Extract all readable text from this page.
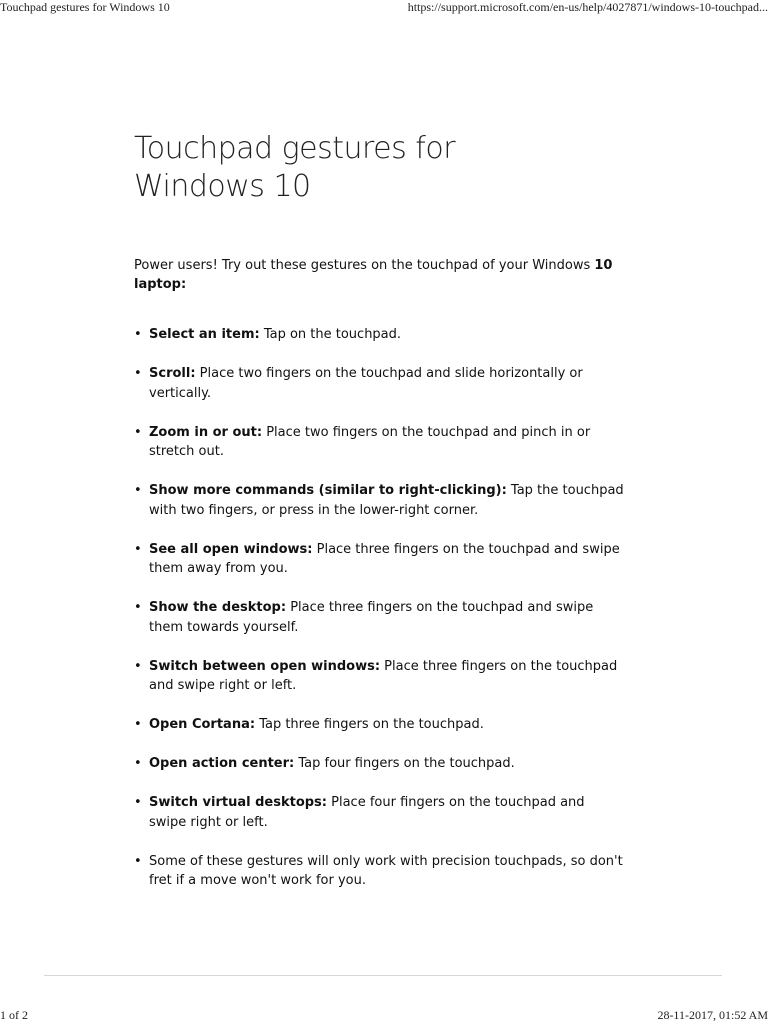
Touchpad gestures for Windows 10	https://support.microsoft.com/en-us/help/4027871/windows-10-touchpad...
Touchpad gestures for
Windows 10

Power users! Try out these gestures on the touchpad of your Windows 10 laptop:

• Select an item: Tap on the touchpad.
• Scroll: Place two fingers on the touchpad and slide horizontally or vertically.
• Zoom in or out: Place two fingers on the touchpad and pinch in or stretch out.
• Show more commands (similar to right-clicking): Tap the touchpad with two fingers, or press in the lower-right corner.
• See all open windows: Place three fingers on the touchpad and swipe them away from you.
• Show the desktop: Place three fingers on the touchpad and swipe them towards yourself.
• Switch between open windows: Place three fingers on the touchpad and swipe right or left.
• Open Cortana: Tap three fingers on the touchpad.
• Open action center: Tap four fingers on the touchpad.
• Switch virtual desktops: Place four fingers on the touchpad and swipe right or left.
• Some of these gestures will only work with precision touchpads, so don't fret if a move won't work for you.
1 of 2	28-11-2017, 01:52 AM
